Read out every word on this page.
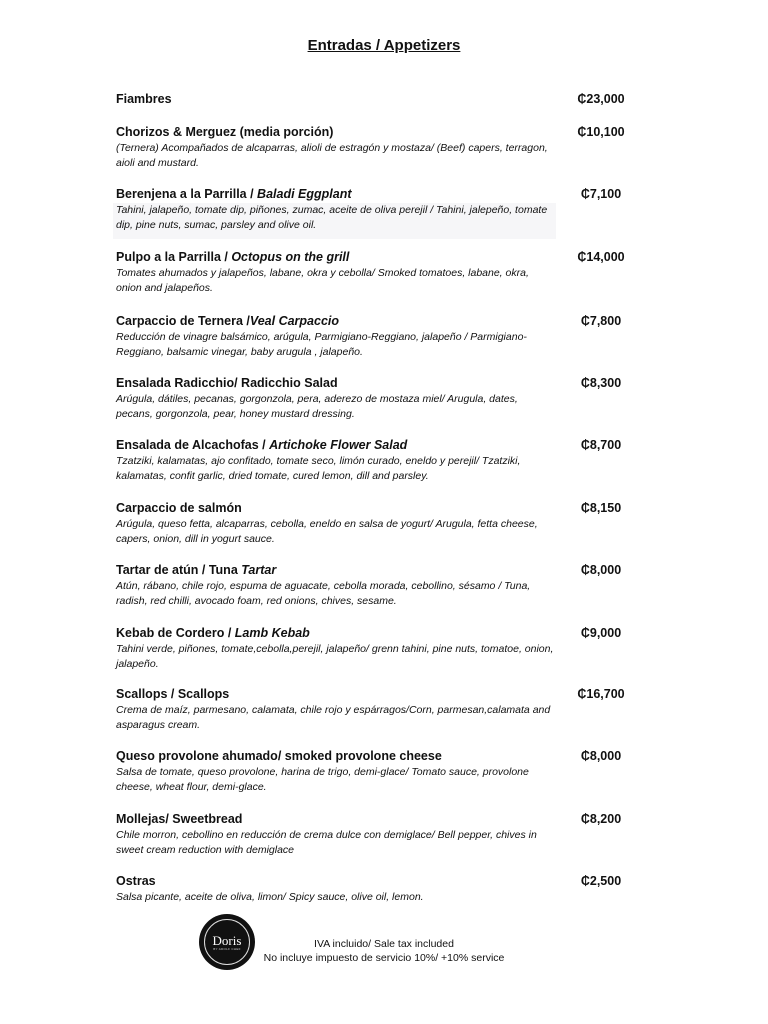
Entradas / Appetizers
Fiambres	₵23,000
Chorizos & Merguez (media porción)
(Ternera) Acompañados de alcaparras, alioli de estragón y mostaza/ (Beef) capers, terragon, aioli and mustard.
₵10,100
Berenjena a la Parrilla / Baladi Eggplant
Tahini, jalapeño, tomate dip, piñones, zumac, aceite de oliva perejil / Tahini, jalepeño, tomate dip, pine nuts, sumac, parsley and olive oil.
₵7,100
Pulpo a la Parrilla / Octopus on the grill
Tomates ahumados y jalapeños, labane, okra y cebolla/ Smoked tomatoes, labane, okra, onion and jalapeños.
₵14,000
Carpaccio de Ternera /Veal Carpaccio
Reducción de vinagre balsámico, arúgula, Parmigiano-Reggiano, jalapeño / Parmigiano-Reggiano, balsamic vinegar, baby arugula , jalapeño.
₵7,800
Ensalada Radicchio/ Radicchio Salad
Arúgula, dátiles, pecanas, gorgonzola, pera, aderezo de mostaza miel/ Arugula, dates, pecans, gorgonzola, pear, honey mustard dressing.
₵8,300
Ensalada de Alcachofas / Artichoke Flower Salad
Tzatziki, kalamatas, ajo confitado, tomate seco, limón curado, eneldo y perejil/ Tzatziki, kalamatas, confit garlic, dried tomate, cured lemon, dill and parsley.
₵8,700
Carpaccio de salmón
Arúgula, queso fetta, alcaparras, cebolla, eneldo en salsa de yogurt/ Arugula, fetta cheese, capers, onion, dill in yogurt sauce.
₵8,150
Tartar de atún / Tuna Tartar
Atún, rábano, chile rojo, espuma de aguacate, cebolla morada, cebollino, sésamo / Tuna, radish, red chilli, avocado foam, red onions, chives, sesame.
₵8,000
Kebab de Cordero / Lamb Kebab
Tahini verde, piñones, tomate,cebolla,perejil, jalapeño/ grenn tahini, pine nuts, tomatoe, onion, jalapeño.
₵9,000
Scallops / Scallops
Crema de maíz, parmesano, calamata, chile rojo y espárragos/Corn, parmesan,calamata and asparagus cream.
₵16,700
Queso provolone ahumado/ smoked provolone cheese
Salsa de tomate, queso provolone, harina de trigo, demi-glace/ Tomato sauce, provolone cheese, wheat flour, demi-glace.
₵8,000
Mollejas/ Sweetbread
Chile morron, cebollino en reducción de crema dulce con demiglace/ Bell pepper, chives in sweet cream reduction with demiglace
₵8,200
Ostras
Salsa picante, aceite de oliva, limon/ Spicy sauce, olive oil, lemon.
₵2,500
Doris
BY ADOLF CHEF	IVA incluido/ Sale tax included
No incluye impuesto de servicio 10%/ +10% service
